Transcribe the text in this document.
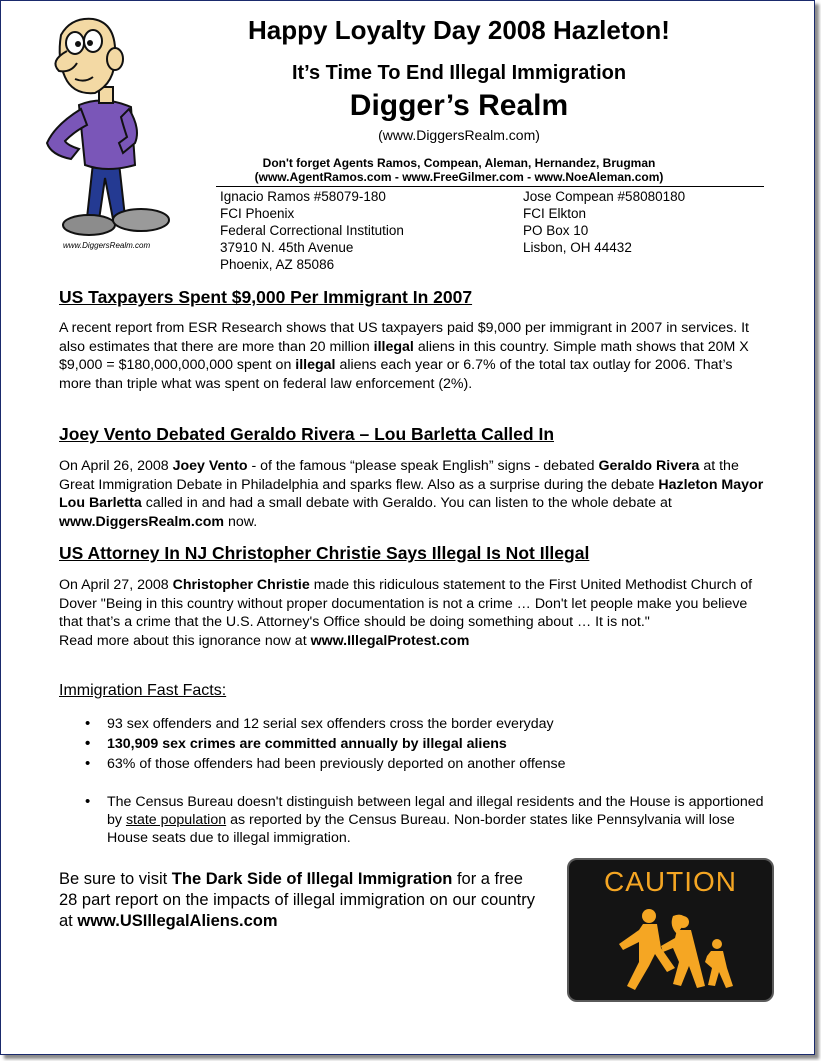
www.DiggersRealm.com
Happy Loyalty Day 2008 Hazleton!
It’s Time To End Illegal Immigration
Digger’s Realm
(www.DiggersRealm.com)
Don't forget Agents Ramos, Compean, Aleman, Hernandez, Brugman
(www.AgentRamos.com - www.FreeGilmer.com - www.NoeAleman.com)
Ignacio Ramos #58079-180
FCI Phoenix
Federal Correctional Institution
37910 N. 45th Avenue
Phoenix, AZ 85086
Jose Compean #58080180
FCI Elkton
PO Box 10
Lisbon, OH 44432
US Taxpayers Spent $9,000 Per Immigrant In 2007
A recent report from ESR Research shows that US taxpayers paid $9,000 per immigrant in 2007 in services. It also estimates that there are more than 20 million illegal aliens in this country. Simple math shows that 20M X $9,000 = $180,000,000,000 spent on illegal aliens each year or 6.7% of the total tax outlay for 2006. That’s more than triple what was spent on federal law enforcement (2%).
Joey Vento Debated Geraldo Rivera – Lou Barletta Called In
On April 26, 2008 Joey Vento - of the famous “please speak English” signs - debated Geraldo Rivera at the Great Immigration Debate in Philadelphia and sparks flew. Also as a surprise during the debate Hazleton Mayor Lou Barletta called in and had a small debate with Geraldo. You can listen to the whole debate at www.DiggersRealm.com now.
US Attorney In NJ Christopher Christie Says Illegal Is Not Illegal
On April 27, 2008 Christopher Christie made this ridiculous statement to the First United Methodist Church of Dover "Being in this country without proper documentation is not a crime … Don't let people make you believe that that’s a crime that the U.S. Attorney's Office should be doing something about … It is not."
Read more about this ignorance now at www.IllegalProtest.com
Immigration Fast Facts:
• 93 sex offenders and 12 serial sex offenders cross the border everyday
• 130,909 sex crimes are committed annually by illegal aliens
• 63% of those offenders had been previously deported on another offense
• The Census Bureau doesn't distinguish between legal and illegal residents and the House is apportioned by state population as reported by the Census Bureau. Non-border states like Pennsylvania will lose House seats due to illegal immigration.
Be sure to visit The Dark Side of Illegal Immigration for a free 28 part report on the impacts of illegal immigration on our country at www.USIllegalAliens.com
CAUTION
